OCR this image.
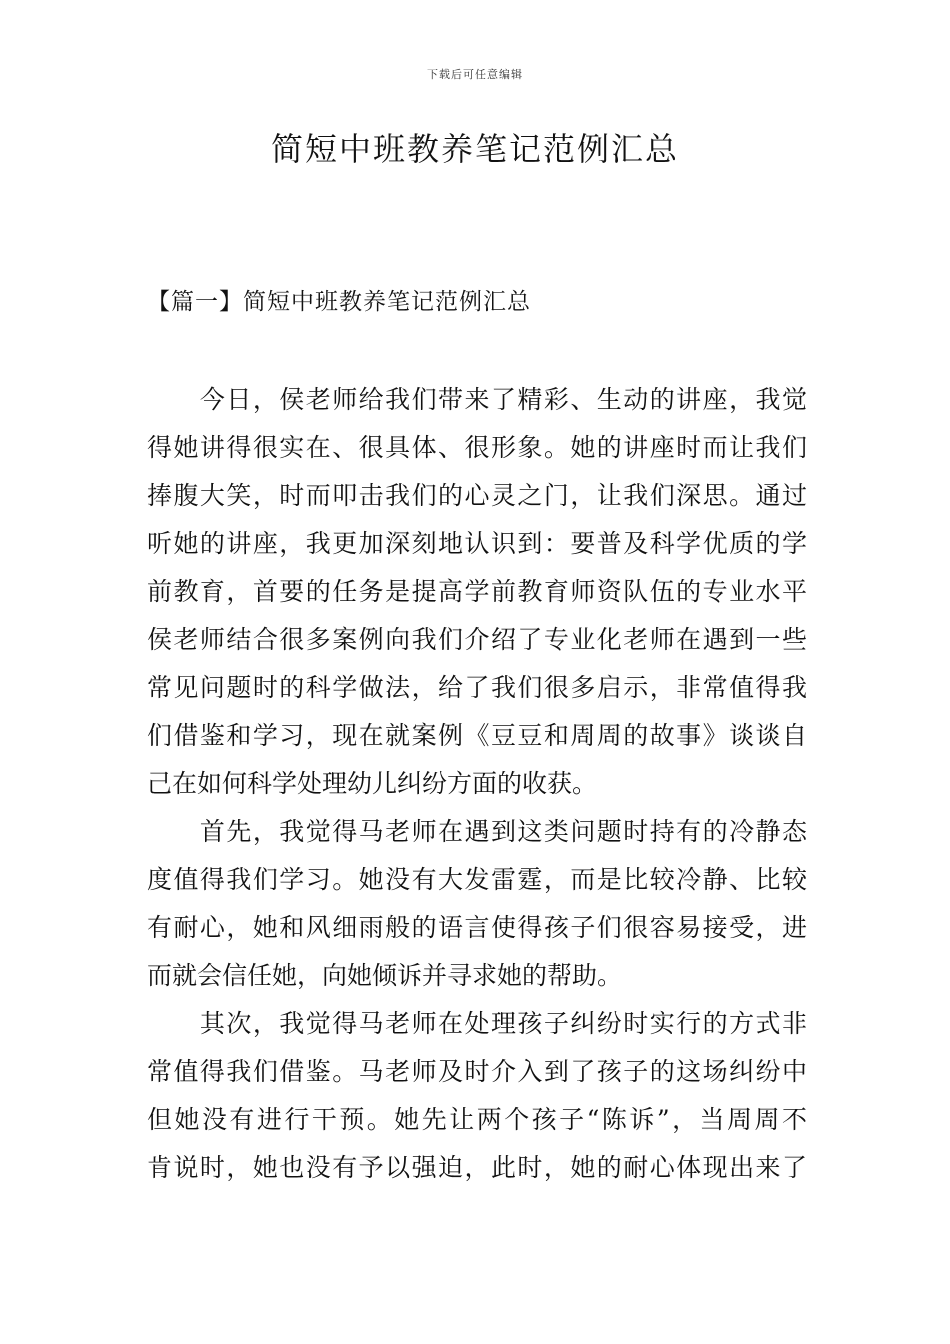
下载后可任意编辑
简短中班教养笔记范例汇总
【篇一】简短中班教养笔记范例汇总
　　今日，侯老师给我们带来了精彩、生动的讲座，我觉
得她讲得很实在、很具体、很形象。她的讲座时而让我们
捧腹大笑，时而叩击我们的心灵之门，让我们深思。通过
听她的讲座，我更加深刻地认识到：要普及科学优质的学
前教育，首要的任务是提高学前教育师资队伍的专业水平
侯老师结合很多案例向我们介绍了专业化老师在遇到一些
常见问题时的科学做法，给了我们很多启示，非常值得我
们借鉴和学习，现在就案例《豆豆和周周的故事》谈谈自
己在如何科学处理幼儿纠纷方面的收获。
　　首先，我觉得马老师在遇到这类问题时持有的冷静态
度值得我们学习。她没有大发雷霆，而是比较冷静、比较
有耐心，她和风细雨般的语言使得孩子们很容易接受，进
而就会信任她，向她倾诉并寻求她的帮助。
　　其次，我觉得马老师在处理孩子纠纷时实行的方式非
常值得我们借鉴。马老师及时介入到了孩子的这场纠纷中
但她没有进行干预。她先让两个孩子“陈诉”，当周周不
肯说时，她也没有予以强迫，此时，她的耐心体现出来了
